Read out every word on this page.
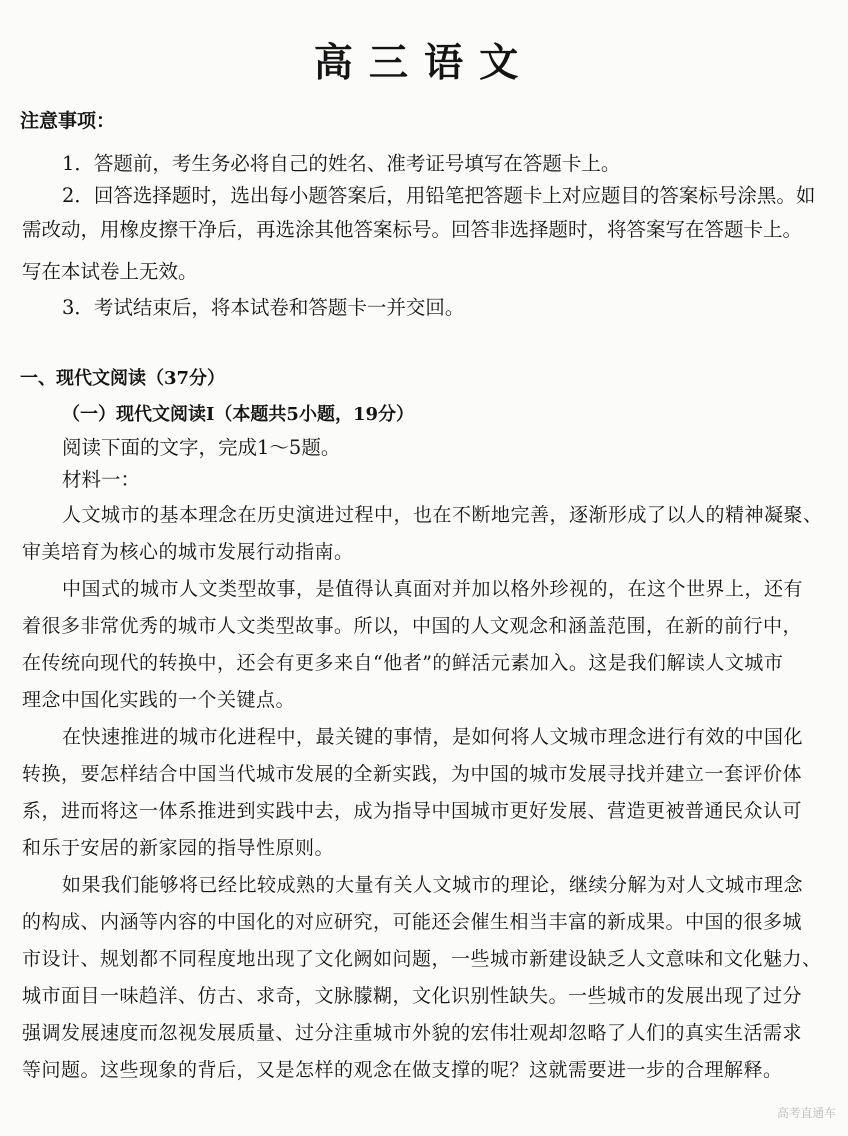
高三语文
注意事项：
1．答题前，考生务必将自己的姓名、准考证号填写在答题卡上。
2．回答选择题时，选出每小题答案后，用铅笔把答题卡上对应题目的答案标号涂黑。如
需改动，用橡皮擦干净后，再选涂其他答案标号。回答非选择题时，将答案写在答题卡上。
写在本试卷上无效。
3．考试结束后，将本试卷和答题卡一并交回。
一、现代文阅读（37分）
（一）现代文阅读Ⅰ（本题共5小题，19分）
阅读下面的文字，完成1～5题。
材料一：
人文城市的基本理念在历史演进过程中，也在不断地完善，逐渐形成了以人的精神凝聚、
审美培育为核心的城市发展行动指南。
中国式的城市人文类型故事，是值得认真面对并加以格外珍视的，在这个世界上，还有
着很多非常优秀的城市人文类型故事。所以，中国的人文观念和涵盖范围，在新的前行中，
在传统向现代的转换中，还会有更多来自“他者”的鲜活元素加入。这是我们解读人文城市
理念中国化实践的一个关键点。
在快速推进的城市化进程中，最关键的事情，是如何将人文城市理念进行有效的中国化
转换，要怎样结合中国当代城市发展的全新实践，为中国的城市发展寻找并建立一套评价体
系，进而将这一体系推进到实践中去，成为指导中国城市更好发展、营造更被普通民众认可
和乐于安居的新家园的指导性原则。
如果我们能够将已经比较成熟的大量有关人文城市的理论，继续分解为对人文城市理念
的构成、内涵等内容的中国化的对应研究，可能还会催生相当丰富的新成果。中国的很多城
市设计、规划都不同程度地出现了文化阙如问题，一些城市新建设缺乏人文意味和文化魅力、
城市面目一味趋洋、仿古、求奇，文脉朦糊，文化识别性缺失。一些城市的发展出现了过分
强调发展速度而忽视发展质量、过分注重城市外貌的宏伟壮观却忽略了人们的真实生活需求
等问题。这些现象的背后，又是怎样的观念在做支撑的呢？这就需要进一步的合理解释。
高考直通车
